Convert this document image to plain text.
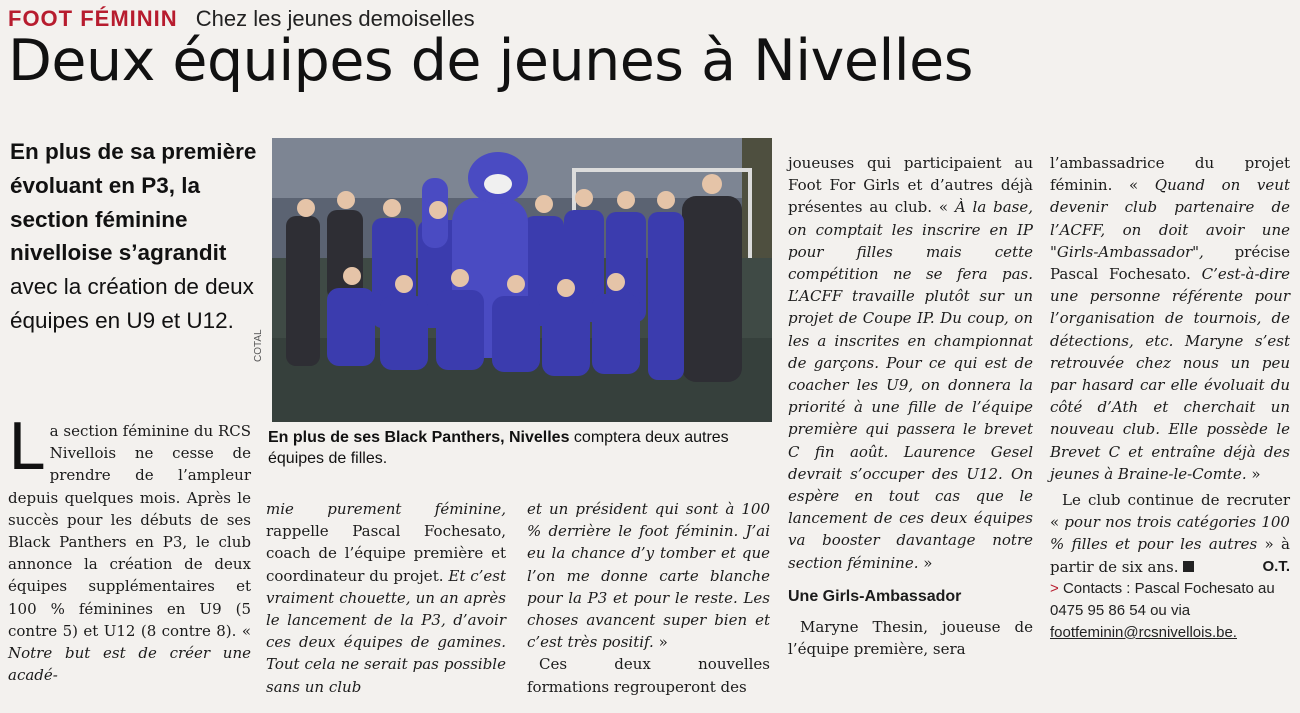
FOOT FÉMININ Chez les jeunes demoiselles
Deux équipes de jeunes à Nivelles
En plus de sa première évoluant en P3, la section féminine nivelloise s’agrandit avec la création de deux équipes en U9 et U12.
COTAL
En plus de ses Black Panthers, Nivelles comptera deux autres équipes de filles.
L a section féminine du RCS Nivellois ne cesse de prendre de l’ampleur depuis quelques mois. Après le succès pour les débuts de ses Black Panthers en P3, le club annonce la création de deux équipes supplémentaires et 100 % féminines en U9 (5 contre 5) et U12 (8 contre 8). « Notre but est de créer une acadé-
mie purement féminine, rappelle Pascal Fochesato, coach de l’équipe première et coordinateur du projet. Et c’est vraiment chouette, un an après le lancement de la P3, d’avoir ces deux équipes de gamines. Tout cela ne serait pas possible sans un club

et un président qui sont à 100 % derrière le foot féminin. J’ai eu la chance d’y tomber et que l’on me donne carte blanche pour la P3 et pour le reste. Les choses avancent super bien et c’est très positif. »

Ces deux nouvelles formations regrouperont des

joueuses qui participaient au Foot For Girls et d’autres déjà présentes au club. « À la base, on comptait les inscrire en IP pour filles mais cette compétition ne se fera pas. L’ACFF travaille plutôt sur un projet de Coupe IP. Du coup, on les a inscrites en championnat de garçons. Pour ce qui est de coacher les U9, on donnera la priorité à une fille de l’équipe première qui passera le brevet C fin août. Laurence Gesel devrait s’occuper des U12. On espère en tout cas que le lancement de ces deux équipes va booster davantage notre section féminine. »

Une Girls-Ambassador

Maryne Thesin, joueuse de l’équipe première, sera

l’ambassadrice du projet féminin. « Quand on veut devenir club partenaire de l’ACFF, on doit avoir une "Girls-Ambassador", précise Pascal Fochesato. C’est-à-dire une personne référente pour l’organisation de tournois, de détections, etc. Maryne s’est retrouvée chez nous un peu par hasard car elle évoluait du côté d’Ath et cherchait un nouveau club. Elle possède le Brevet C et entraîne déjà des jeunes à Braine-le-Comte. »

Le club continue de recruter « pour nos trois catégories 100 % filles et pour les autres » à partir de six ans.	O.T.

> Contacts : Pascal Fochesato au 0475 95 86 54 ou via footfeminin@rcsnivellois.be.
